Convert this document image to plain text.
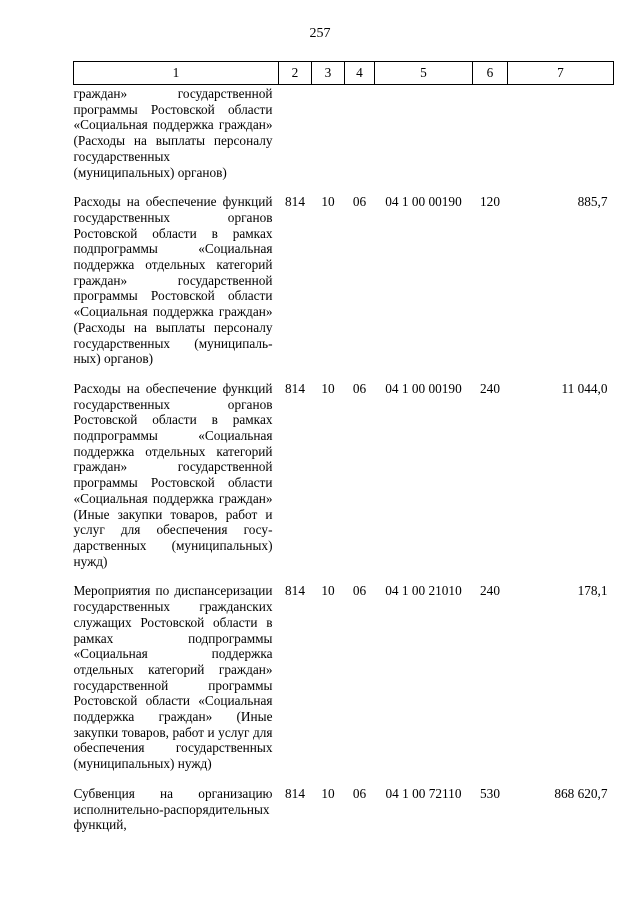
257
1	2	3	4	5	6	7
граждан» государственной программы Ростовской области «Социальная поддержка граждан» (Расходы на выплаты персоналу государственных (муниципальных) органов)						
Расходы на обеспечение функций государственных органов Ростовской области в рамках подпрограммы «Социальная поддержка отдельных категорий граждан» государственной программы Ростовской области «Социальная поддержка граждан» (Расходы на выплаты персоналу государственных (муниципальных) органов)	814	10	06	04 1 00 00190	120	885,7
Расходы на обеспечение функций государственных органов Ростовской области в рамках подпрограммы «Социальная поддержка отдельных категорий граждан» государственной программы Ростовской области «Социальная поддержка граждан» (Иные закупки товаров, работ и услуг для обеспечения государственных (муниципальных) нужд)	814	10	06	04 1 00 00190	240	11 044,0
Мероприятия по диспансеризации государственных гражданских служащих Ростовской области в рамках подпрограммы «Социальная поддержка отдельных категорий граждан» государственной программы Ростовской области «Социальная поддержка граждан» (Иные закупки товаров, работ и услуг для обеспечения государственных (муниципальных) нужд)	814	10	06	04 1 00 21010	240	178,1
Субвенция на организацию исполнительно-распорядительных функций,	814	10	06	04 1 00 72110	530	868 620,7
